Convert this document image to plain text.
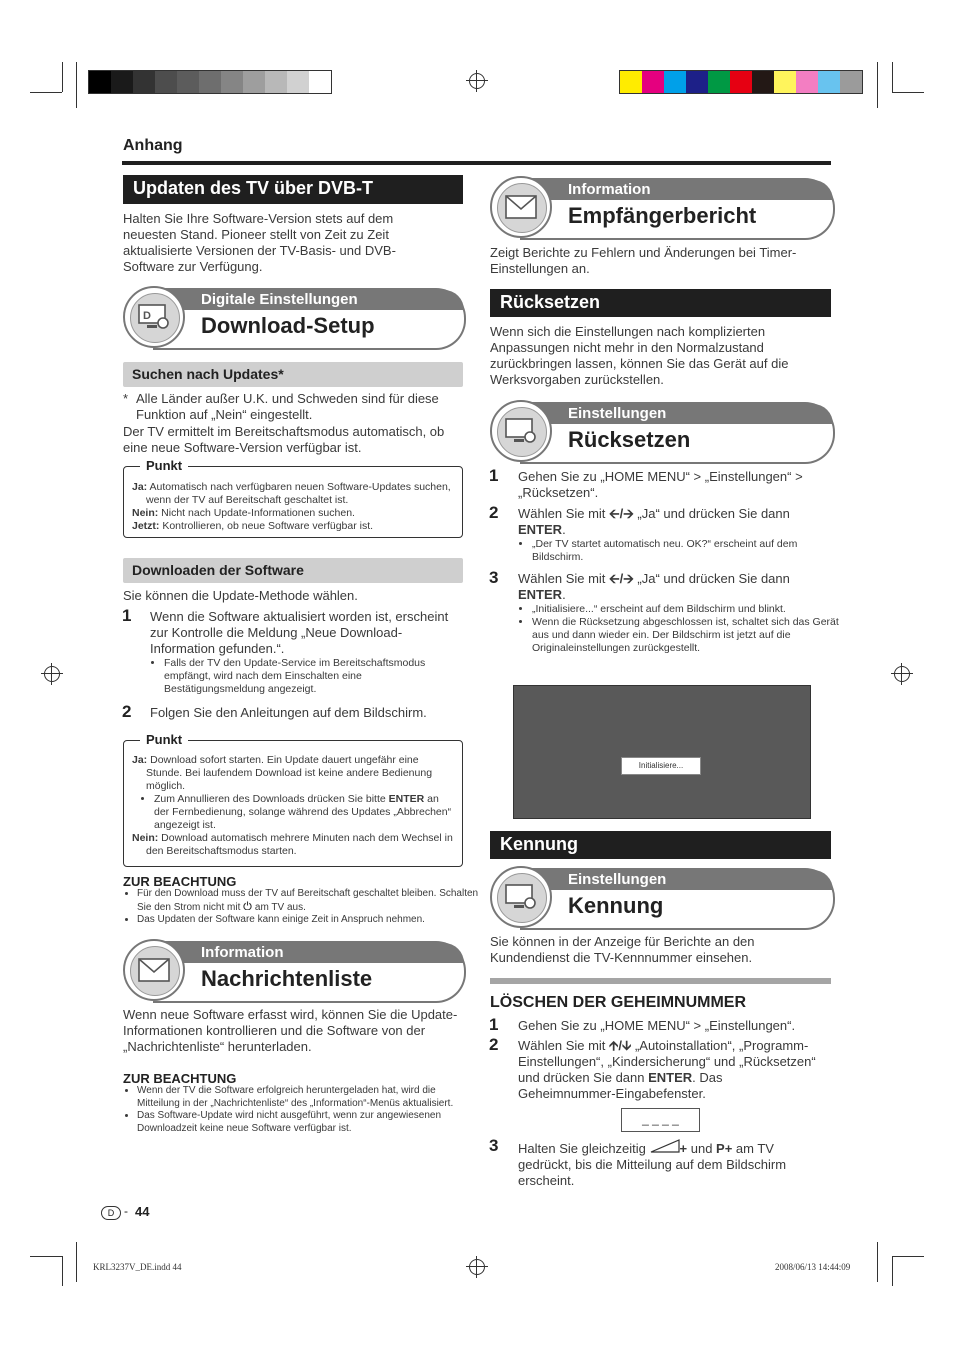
Anhang
Updaten des TV über DVB-T
Halten Sie Ihre Software-Version stets auf dem neuesten Stand. Pioneer stellt von Zeit zu Zeit aktualisierte Versionen der TV-Basis- und DVB-Software zur Verfügung.
Digitale Einstellungen
Download-Setup
D
Suchen nach Updates*
* Alle Länder außer U.K. und Schweden sind für diese Funktion auf „Nein“ eingestellt.
Der TV ermittelt im Bereitschaftsmodus automatisch, ob eine neue Software-Version verfügbar ist.
Punkt
Ja: Automatisch nach verfügbaren neuen Software-Updates suchen, wenn der TV auf Bereitschaft geschaltet ist.
Nein: Nicht nach Update-Informationen suchen.
Jetzt: Kontrollieren, ob neue Software verfügbar ist.
Downloaden der Software
Sie können die Update-Methode wählen.
1 Wenn die Software aktualisiert worden ist, erscheint zur Kontrolle die Meldung „Neue Download-Information gefunden.“.
• Falls der TV den Update-Service im Bereitschaftsmodus empfängt, wird nach dem Einschalten eine Bestätigungsmeldung angezeigt.
2 Folgen Sie den Anleitungen auf dem Bildschirm.
Punkt
Ja: Download sofort starten. Ein Update dauert ungefähr eine Stunde. Bei laufendem Download ist keine andere Bedienung möglich.
• Zum Annullieren des Downloads drücken Sie bitte ENTER an der Fernbedienung, solange während des Updates „Abbrechen“ angezeigt ist.
Nein: Download automatisch mehrere Minuten nach dem Wechsel in den Bereitschaftsmodus starten.
ZUR BEACHTUNG
• Für den Download muss der TV auf Bereitschaft geschaltet bleiben. Schalten Sie den Strom nicht mit  am TV aus.
• Das Updaten der Software kann einige Zeit in Anspruch nehmen.
Information
Nachrichtenliste
Wenn neue Software erfasst wird, können Sie die Update-Informationen kontrollieren und die Software von der „Nachrichtenliste“ herunterladen.
ZUR BEACHTUNG
• Wenn der TV die Software erfolgreich heruntergeladen hat, wird die Mitteilung in der „Nachrichtenliste“ des „Information“-Menüs aktualisiert.
• Das Software-Update wird nicht ausgeführt, wenn zur angewiesenen Downloadzeit keine neue Software verfügbar ist.
Information
Empfängerbericht
Zeigt Berichte zu Fehlern und Änderungen bei Timer-Einstellungen an.
Rücksetzen
Wenn sich die Einstellungen nach komplizierten Anpassungen nicht mehr in den Normalzustand zurückbringen lassen, können Sie das Gerät auf die Werksvorgaben zurückstellen.
Einstellungen
Rücksetzen
1 Gehen Sie zu „HOME MENU“ > „Einstellungen“ > „Rücksetzen“.
2 Wählen Sie mit 🡨/🡪 „Ja“ und drücken Sie dann ENTER.
• „Der TV startet automatisch neu. OK?“ erscheint auf dem Bildschirm.
3 Wählen Sie mit 🡨/🡪 „Ja“ und drücken Sie dann ENTER.
• „Initialisiere...“ erscheint auf dem Bildschirm und blinkt.
• Wenn die Rücksetzung abgeschlossen ist, schaltet sich das Gerät aus und dann wieder ein. Der Bildschirm ist jetzt auf die Originaleinstellungen zurückgestellt.
Initialisiere...
Kennung
Einstellungen
Kennung
Sie können in der Anzeige für Berichte an den Kundendienst die TV-Kennnummer einsehen.
LÖSCHEN DER GEHEIMNUMMER
1 Gehen Sie zu „HOME MENU“ > „Einstellungen“.
2 Wählen Sie mit 🡩/🡫 „Autoinstallation“, „Programm- Einstellungen“, „Kindersicherung“ und „Rücksetzen“ und drücken Sie dann ENTER. Das Geheimnummer-Eingabefenster.
_ _ _ _
3 Halten Sie gleichzeitig + und P+ am TV gedrückt, bis die Mitteilung auf dem Bildschirm erscheint.
D - 44
KRL3237V_DE.indd 44	2008/06/13 14:44:09
